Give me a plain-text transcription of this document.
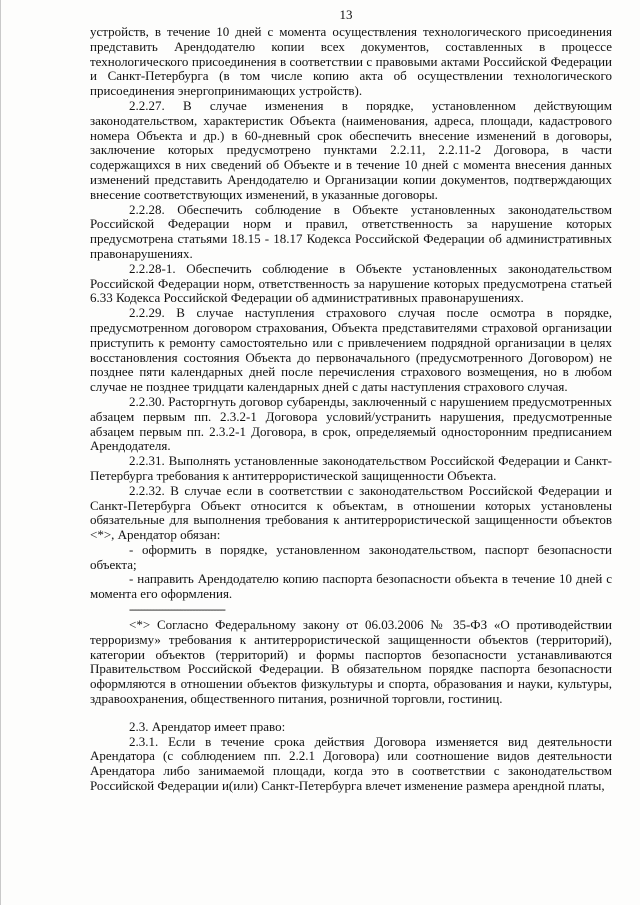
13

устройств, в течение 10 дней с момента осуществления технологического присоединения представить Арендодателю копии всех документов, составленных в процессе технологического присоединения в соответствии с правовыми актами Российской Федерации и Санкт-Петербурга (в том числе копию акта об осуществлении технологического присоединения энергопринимающих устройств).

2.2.27. В случае изменения в порядке, установленном действующим законодательством, характеристик Объекта (наименования, адреса, площади, кадастрового номера Объекта и др.) в 60-дневный срок обеспечить внесение изменений в договоры, заключение которых предусмотрено пунктами 2.2.11, 2.2.11-2 Договора, в части содержащихся в них сведений об Объекте и в течение 10 дней с момента внесения данных изменений представить Арендодателю и Организации копии документов, подтверждающих внесение соответствующих изменений, в указанные договоры.

2.2.28. Обеспечить соблюдение в Объекте установленных законодательством Российской Федерации норм и правил, ответственность за нарушение которых предусмотрена статьями 18.15 - 18.17 Кодекса Российской Федерации об административных правонарушениях.

2.2.28-1. Обеспечить соблюдение в Объекте установленных законодательством Российской Федерации норм, ответственность за нарушение которых предусмотрена статьей 6.33 Кодекса Российской Федерации об административных правонарушениях.

2.2.29. В случае наступления страхового случая после осмотра в порядке, предусмотренном договором страхования, Объекта представителями страховой организации приступить к ремонту самостоятельно или с привлечением подрядной организации в целях восстановления состояния Объекта до первоначального (предусмотренного Договором) не позднее пяти календарных дней после перечисления страхового возмещения, но в любом случае не позднее тридцати календарных дней с даты наступления страхового случая.

2.2.30. Расторгнуть договор субаренды, заключенный с нарушением предусмотренных абзацем первым пп. 2.3.2-1 Договора условий/устранить нарушения, предусмотренные абзацем первым пп. 2.3.2-1 Договора, в срок, определяемый односторонним предписанием Арендодателя.

2.2.31. Выполнять установленные законодательством Российской Федерации и Санкт-Петербурга требования к антитеррористической защищенности Объекта.

2.2.32. В случае если в соответствии с законодательством Российской Федерации и Санкт-Петербурга Объект относится к объектам, в отношении которых установлены обязательные для выполнения требования к антитеррористической защищенности объектов <*>, Арендатор обязан:

- оформить в порядке, установленном законодательством, паспорт безопасности объекта;

- направить Арендодателю копию паспорта безопасности объекта в течение 10 дней с момента его оформления.

--------------------------------

<*> Согласно Федеральному закону от 06.03.2006 № 35-ФЗ «О противодействии терроризму» требования к антитеррористической защищенности объектов (территорий), категории объектов (территорий) и формы паспортов безопасности устанавливаются Правительством Российской Федерации. В обязательном порядке паспорта безопасности оформляются в отношении объектов физкультуры и спорта, образования и науки, культуры, здравоохранения, общественного питания, розничной торговли, гостиниц.

2.3. Арендатор имеет право:

2.3.1. Если в течение срока действия Договора изменяется вид деятельности Арендатора (с соблюдением пп. 2.2.1 Договора) или соотношение видов деятельности Арендатора либо занимаемой площади, когда это в соответствии с законодательством Российской Федерации и(или) Санкт-Петербурга влечет изменение размера арендной платы,
